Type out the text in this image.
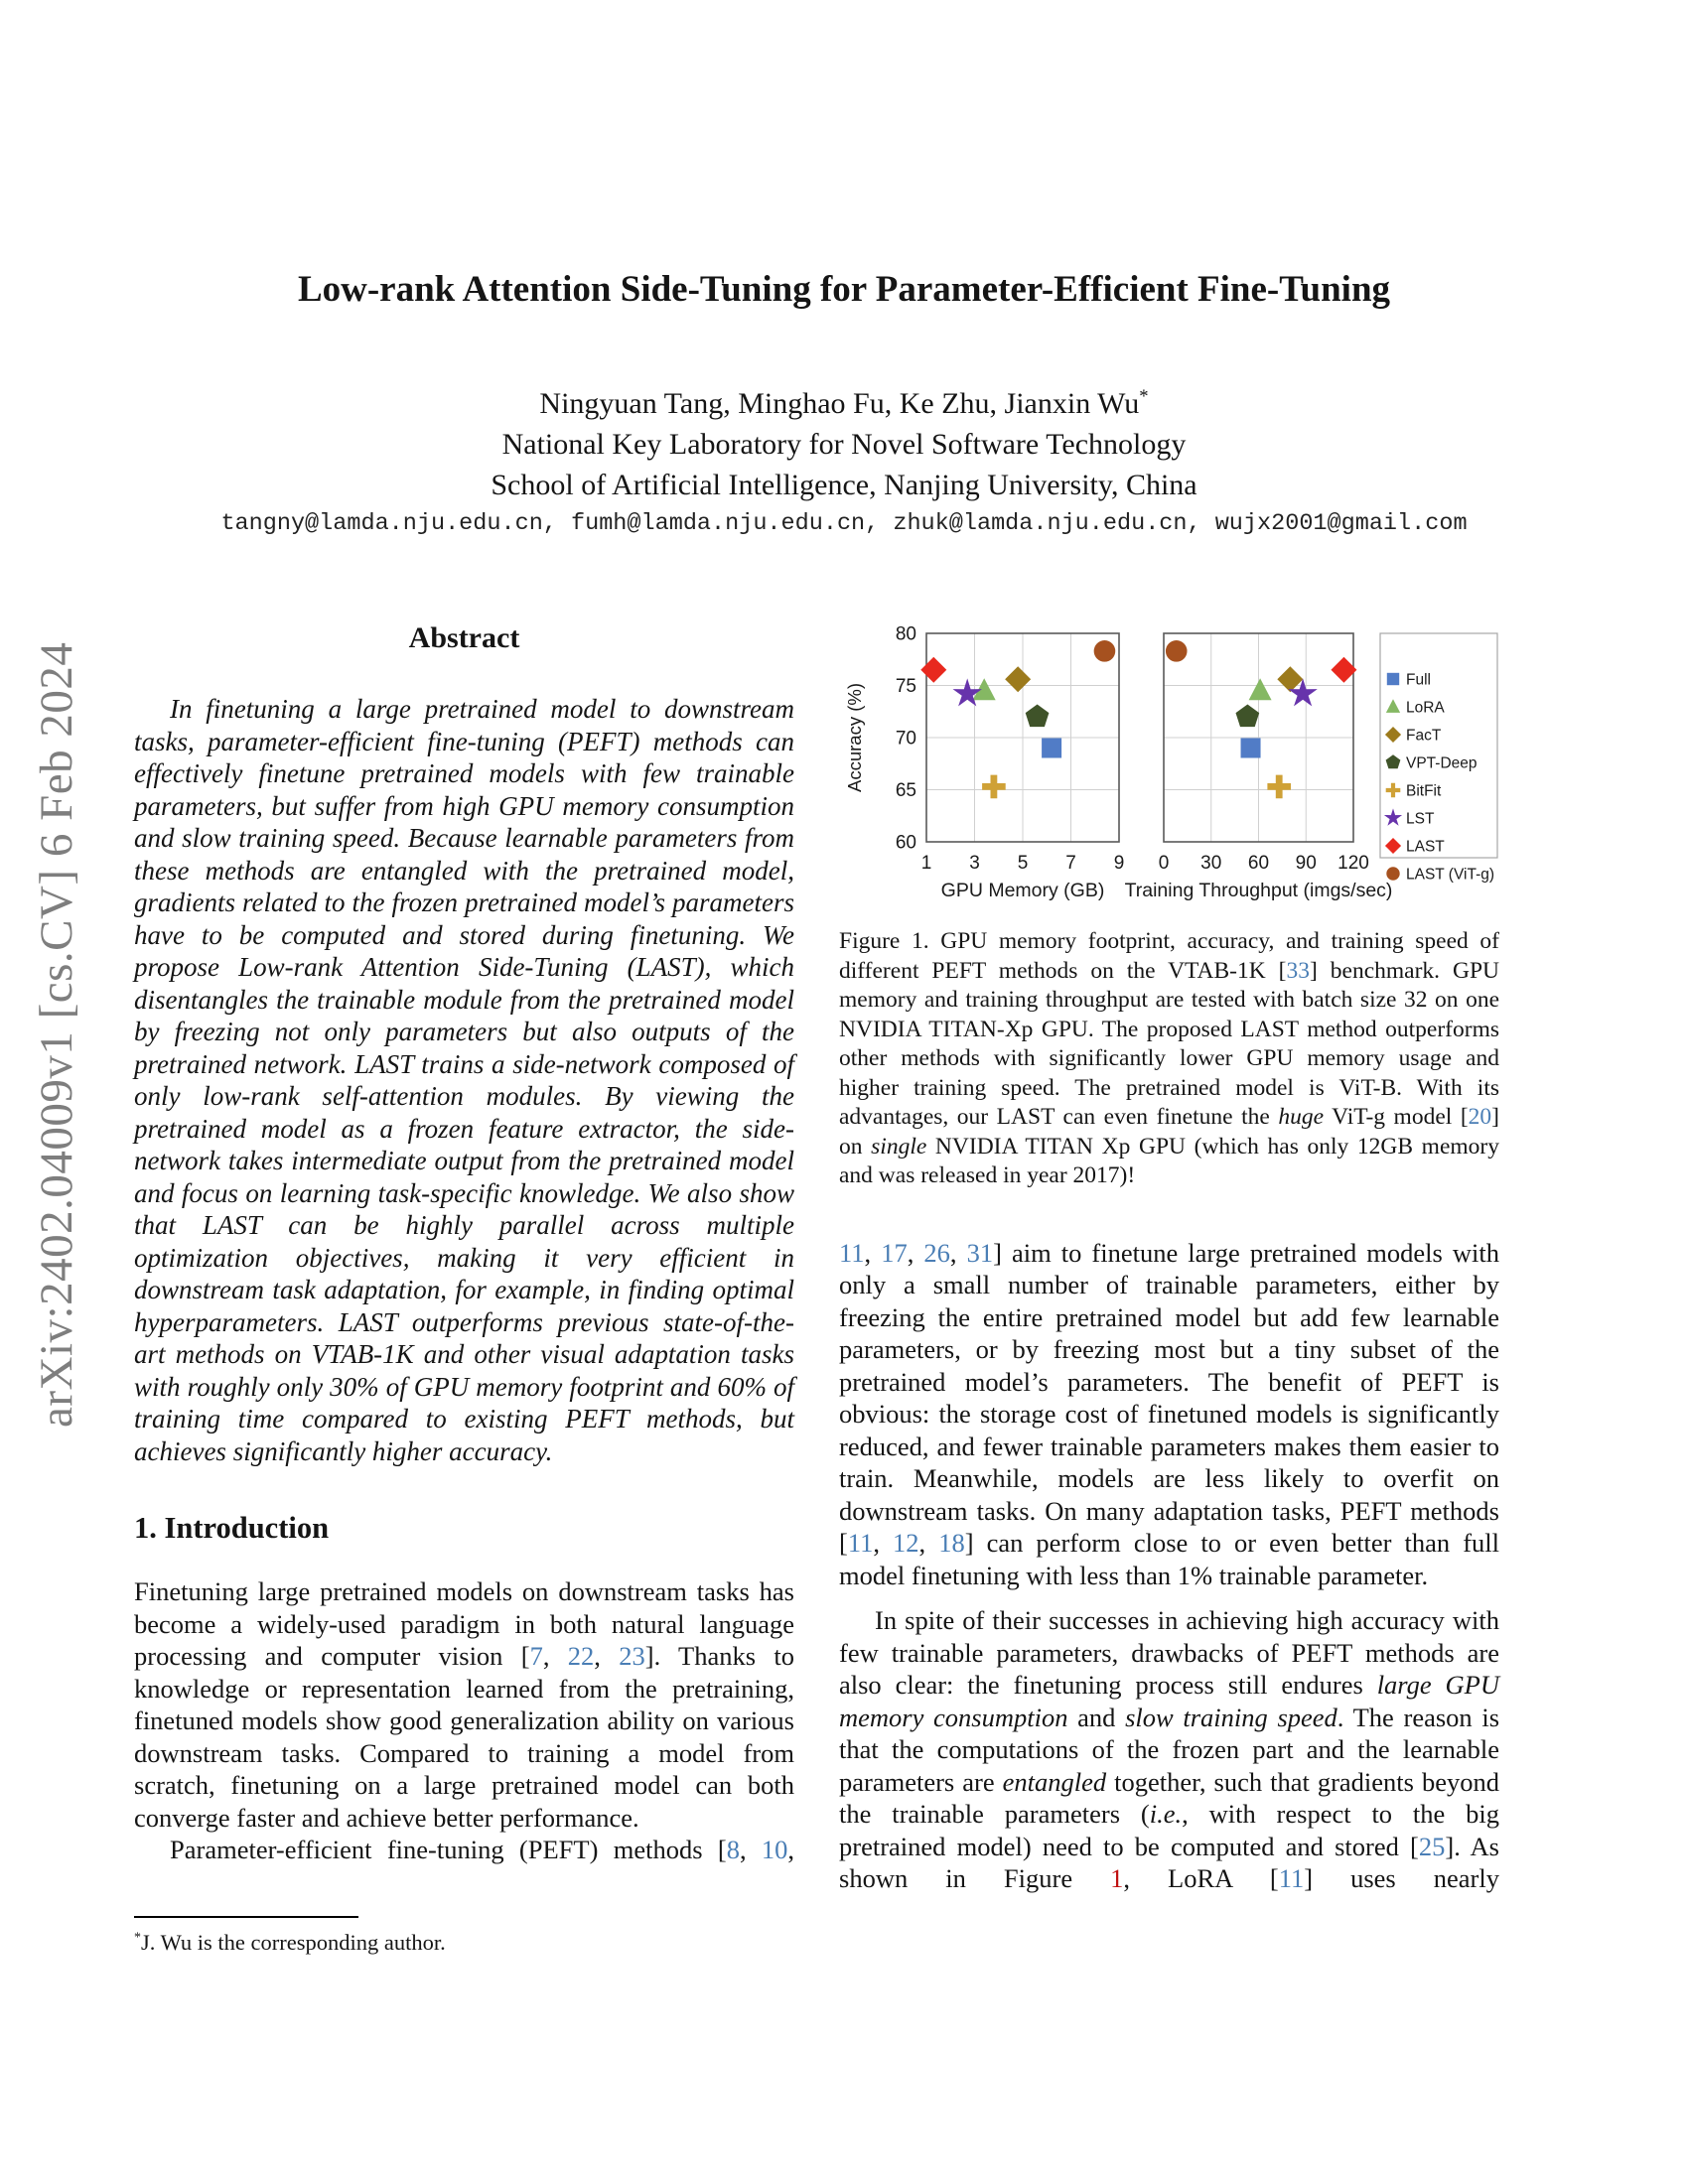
arXiv:2402.04009v1 [cs.CV] 6 Feb 2024
Low-rank Attention Side-Tuning for Parameter-Efficient Fine-Tuning
Ningyuan Tang, Minghao Fu, Ke Zhu, Jianxin Wu*
National Key Laboratory for Novel Software Technology
School of Artificial Intelligence, Nanjing University, China
tangny@lamda.nju.edu.cn, fumh@lamda.nju.edu.cn, zhuk@lamda.nju.edu.cn, wujx2001@gmail.com
Abstract
In finetuning a large pretrained model to downstream tasks, parameter-efficient fine-tuning (PEFT) methods can effectively finetune pretrained models with few trainable parameters, but suffer from high GPU memory consumption and slow training speed. Because learnable parameters from these methods are entangled with the pretrained model, gradients related to the frozen pretrained model’s parameters have to be computed and stored during finetuning. We propose Low-rank Attention Side-Tuning (LAST), which disentangles the trainable module from the pretrained model by freezing not only parameters but also outputs of the pretrained network. LAST trains a side-network composed of only low-rank self-attention modules. By viewing the pretrained model as a frozen feature extractor, the side-network takes intermediate output from the pretrained model and focus on learning task-specific knowledge. We also show that LAST can be highly parallel across multiple optimization objectives, making it very efficient in downstream task adaptation, for example, in finding optimal hyperparameters. LAST outperforms previous state-of-the-art methods on VTAB-1K and other visual adaptation tasks with roughly only 30% of GPU memory footprint and 60% of training time compared to existing PEFT methods, but achieves significantly higher accuracy.
1. Introduction
Finetuning large pretrained models on downstream tasks has become a widely-used paradigm in both natural language processing and computer vision [7, 22, 23]. Thanks to knowledge or representation learned from the pretraining, finetuned models show good generalization ability on various downstream tasks. Compared to training a model from scratch, finetuning on a large pretrained model can both converge faster and achieve better performance.
Parameter-efficient fine-tuning (PEFT) methods [8, 10,
1 3 5 7 9
GPU Memory (GB)
0 30 60 90 120
Training Throughput (imgs/sec)
60
65
70
75
80
Accuracy (%)
Full
LoRA
FacT
VPT-Deep
BitFit
LST
LAST
LAST (ViT-g)
Figure 1. GPU memory footprint, accuracy, and training speed of different PEFT methods on the VTAB-1K [33] benchmark. GPU memory and training throughput are tested with batch size 32 on one NVIDIA TITAN-Xp GPU. The proposed LAST method outperforms other methods with significantly lower GPU memory usage and higher training speed. The pretrained model is ViT-B. With its advantages, our LAST can even finetune the huge ViT-g model [20] on single NVIDIA TITAN Xp GPU (which has only 12GB memory and was released in year 2017)!
11, 17, 26, 31] aim to finetune large pretrained models with only a small number of trainable parameters, either by freezing the entire pretrained model but add few learnable parameters, or by freezing most but a tiny subset of the pretrained model’s parameters. The benefit of PEFT is obvious: the storage cost of finetuned models is significantly reduced, and fewer trainable parameters makes them easier to train. Meanwhile, models are less likely to overfit on downstream tasks. On many adaptation tasks, PEFT methods [11, 12, 18] can perform close to or even better than full model finetuning with less than 1% trainable parameter.
In spite of their successes in achieving high accuracy with few trainable parameters, drawbacks of PEFT methods are also clear: the finetuning process still endures large GPU memory consumption and slow training speed. The reason is that the computations of the frozen part and the learnable parameters are entangled together, such that gradients beyond the trainable parameters (i.e., with respect to the big pretrained model) need to be computed and stored [25]. As shown in Figure 1, LoRA [11] uses nearly
*J. Wu is the corresponding author.
